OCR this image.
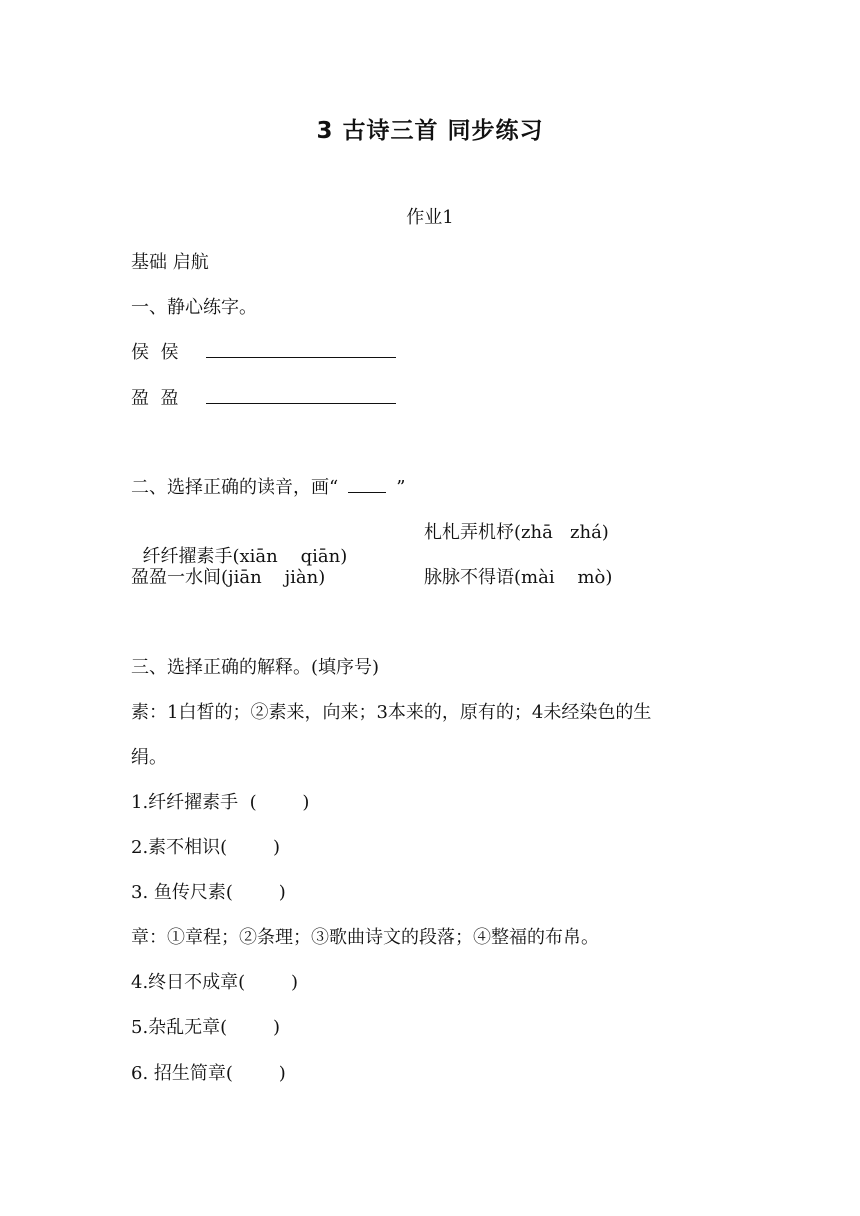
3 古诗三首 同步练习
作业1
基础 启航
一、静心练字。
侯  侯
盈  盈
二、选择正确的读音，画“	”

纤纤擢素手(xiān    qiān)

札札弄机杼(zhā   zhá)
盈盈一水间(jiān    jiàn)	脉脉不得语(mài    mò)
三、选择正确的解释。(填序号)
素：1白皙的；②素来，向来；3本来的，原有的；4未经染色的生
绢。
1.纤纤擢素手  (        )
2.素不相识(        )
3. 鱼传尺素(        )
章：①章程；②条理；③歌曲诗文的段落；④整福的布帛。
4.终日不成章(        )
5.杂乱无章(        )
6. 招生简章(        )
